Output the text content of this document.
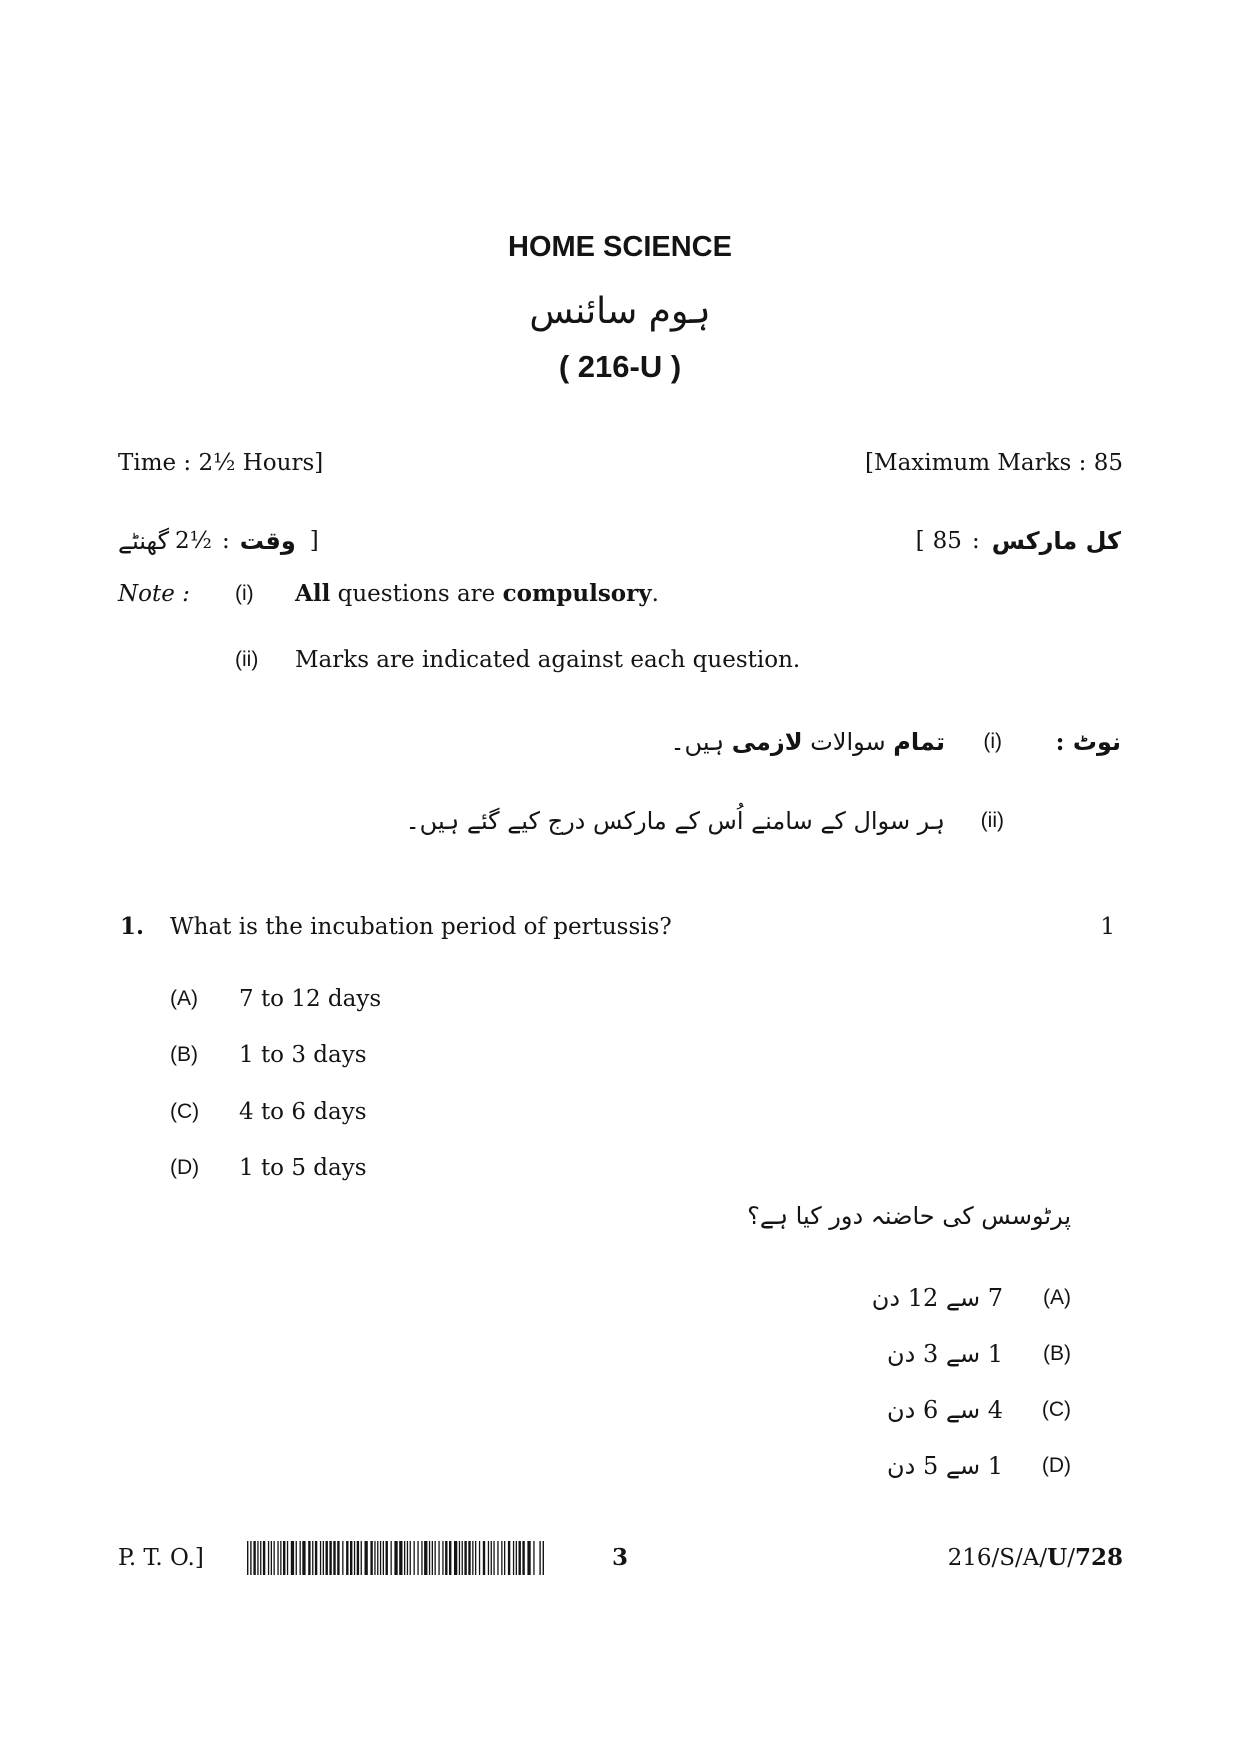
HOME SCIENCE
ہوم سائنس
( 216-U )
Time : 2½ Hours]	[Maximum Marks : 85
گھنٹے 2½ : وقت ]	[ 85 : کل مارکس
Note : (i) All questions are compulsory.
(ii) Marks are indicated against each question.
نوٹ :
(i)
تمام سوالات لازمی ہیں۔
(ii)
ہر سوال کے سامنے اُس کے مارکس درج کیے گئے ہیں۔
1. What is the incubation period of pertussis?	1
(A) 7 to 12 days
(B) 1 to 3 days
(C) 4 to 6 days
(D) 1 to 5 days
پرٹوسس کی حاضنہ دور کیا ہے؟
(A)
7 سے 12 دن
(B)
1 سے 3 دن
(C)
4 سے 6 دن
(D)
1 سے 5 دن
P. T. O.]	3	216/S/A/U/728
